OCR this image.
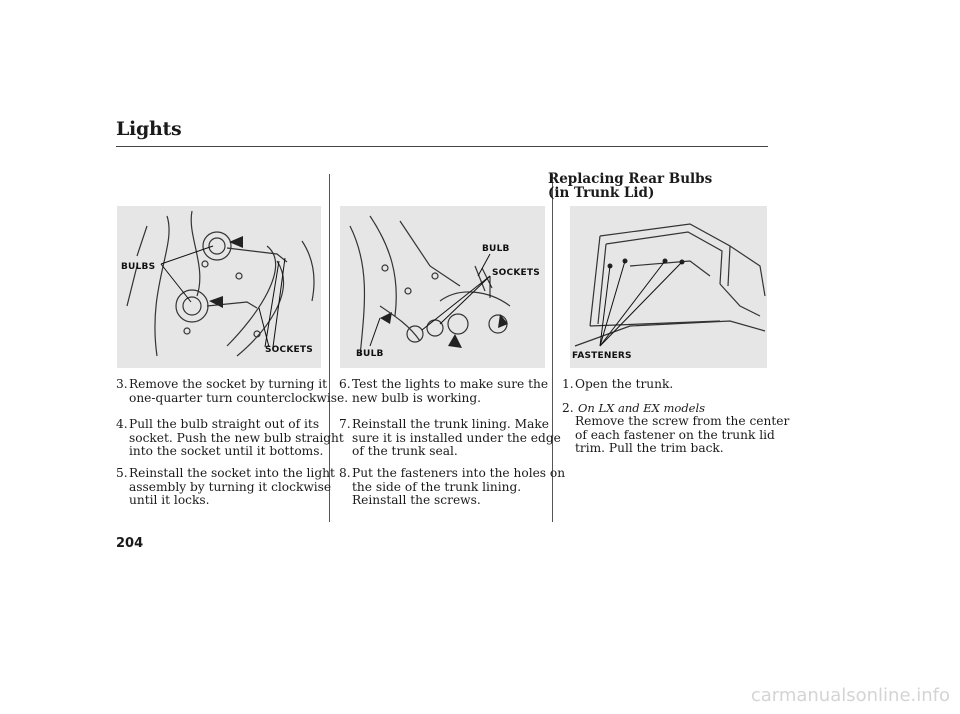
Lights
Replacing Rear Bulbs
(in Trunk Lid)
BULBS
SOCKETS
BULB
SOCKETS
BULB	FASTENERS
3. Remove the socket by turning it
one-quarter turn counterclockwise.
4. Pull the bulb straight out of its
socket. Push the new bulb straight
into the socket until it bottoms.
5. Reinstall the socket into the light
assembly by turning it clockwise
until it locks.
6. Test the lights to make sure the
new bulb is working.
7. Reinstall the trunk lining. Make
sure it is installed under the edge
of the trunk seal.
8. Put the fasteners into the holes on
the side of the trunk lining.
Reinstall the screws.
1. Open the trunk.
2. On LX and EX models
Remove the screw from the center
of each fastener on the trunk lid
trim. Pull the trim back.
204
carmanualsonline.info
